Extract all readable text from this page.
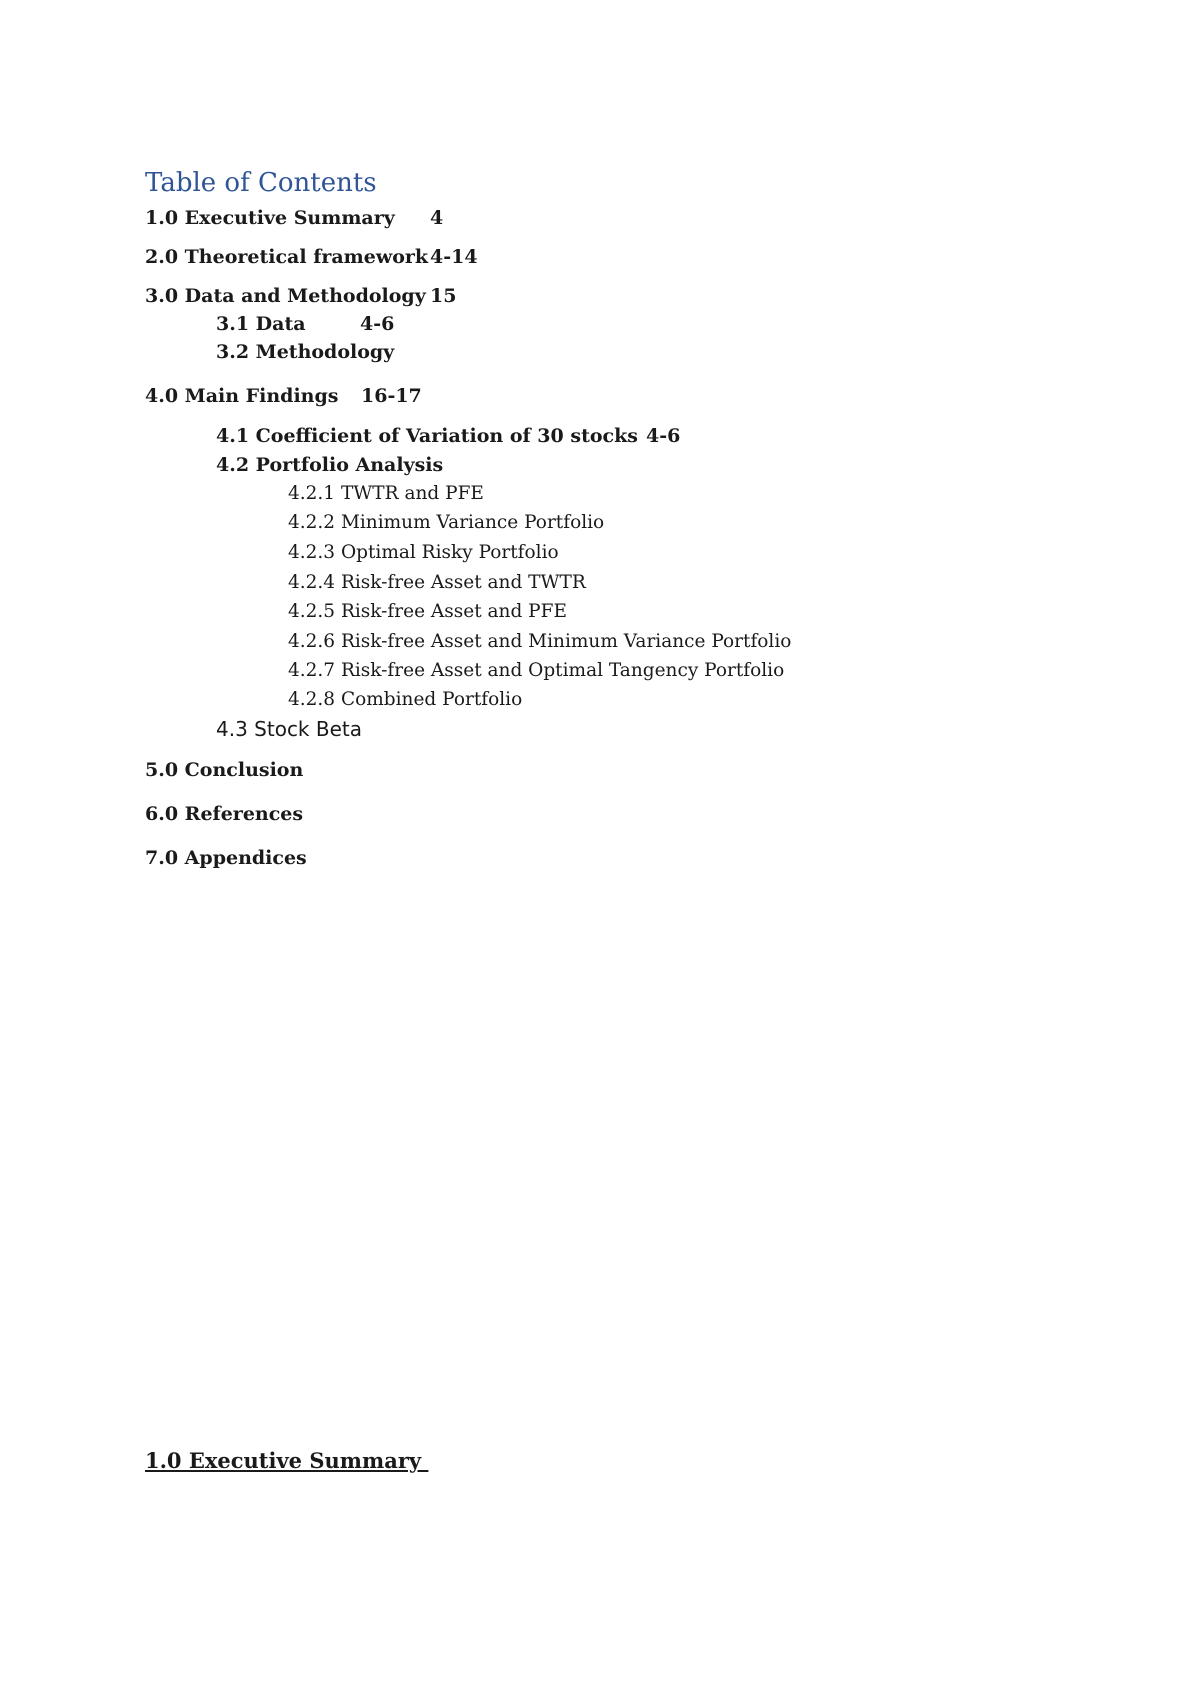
Table of Contents
1.0 Executive Summary 4
2.0 Theoretical framework 4-14
3.0 Data and Methodology 15
3.1 Data	4-6
3.2 Methodology
4.0 Main Findings 16-17
4.1 Coefficient of Variation of 30 stocks 4-6
4.2 Portfolio Analysis
4.2.1 TWTR and PFE
4.2.2 Minimum Variance Portfolio
4.2.3 Optimal Risky Portfolio
4.2.4 Risk-free Asset and TWTR
4.2.5 Risk-free Asset and PFE
4.2.6 Risk-free Asset and Minimum Variance Portfolio
4.2.7 Risk-free Asset and Optimal Tangency Portfolio
4.2.8 Combined Portfolio
4.3 Stock Beta
5.0 Conclusion
6.0 References
7.0 Appendices
1.0 Executive Summary
